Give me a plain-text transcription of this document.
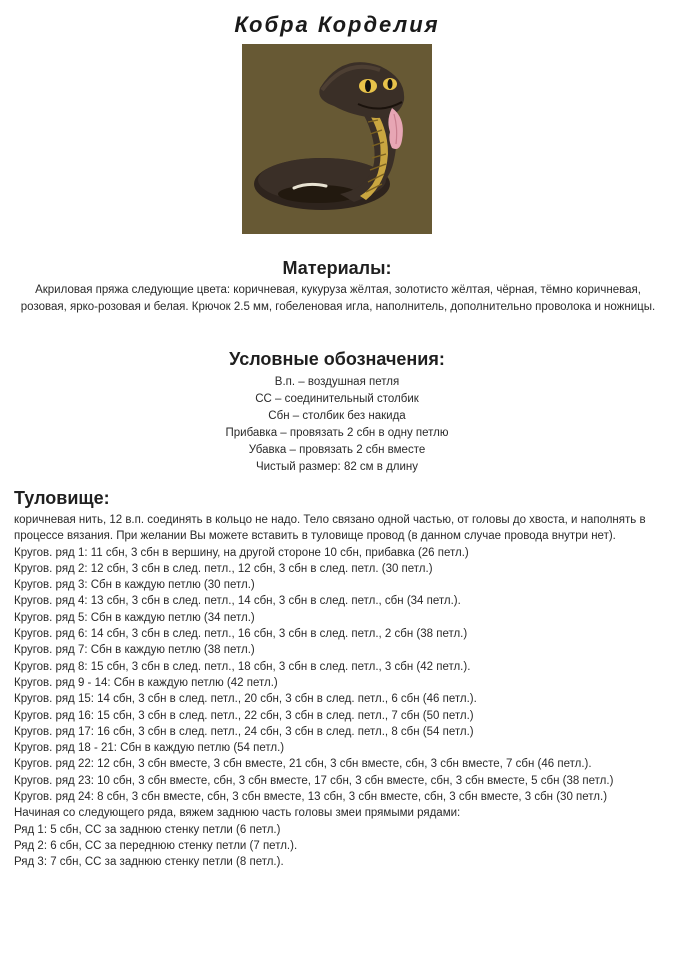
Кобра Корделия
Материалы:
Акриловая пряжа следующие цвета: коричневая, кукуруза жёлтая, золотисто жёлтая, чёрная, тёмно коричневая, розовая, ярко-розовая и белая. Крючок 2.5 мм, гобеленовая игла, наполнитель, дополнительно проволока и ножницы.
Условные обозначения:
В.п. – воздушная петля
СС – соединительный столбик
Сбн – столбик без накида
Прибавка – провязать 2 сбн в одну петлю
Убавка – провязать 2 сбн вместе
Чистый размер: 82 см в длину
Туловище:
коричневая нить, 12 в.п. соединять в кольцо не надо. Тело связано одной частью, от головы до хвоста, и наполнять в процессе вязания. При желании Вы можете вставить в туловище провод (в данном случае провода внутри нет).
Кругов. ряд 1: 11 сбн, 3 сбн в вершину, на другой стороне 10 сбн, прибавка (26 петл.)
Кругов. ряд 2: 12 сбн, 3 сбн в след. петл., 12 сбн, 3 сбн в след. петл. (30 петл.)
Кругов. ряд 3: Сбн в каждую петлю (30 петл.)
Кругов. ряд 4: 13 сбн, 3 сбн в след. петл., 14 сбн, 3 сбн в след. петл., сбн (34 петл.).
Кругов. ряд 5: Сбн в каждую петлю (34 петл.)
Кругов. ряд 6: 14 сбн, 3 сбн в след. петл., 16 сбн, 3 сбн в след. петл., 2 сбн (38 петл.)
Кругов. ряд 7: Сбн в каждую петлю (38 петл.)
Кругов. ряд 8: 15 сбн, 3 сбн в след. петл., 18 сбн, 3 сбн в след. петл., 3 сбн (42 петл.).
Кругов. ряд 9 - 14: Сбн в каждую петлю (42 петл.)
Кругов. ряд 15: 14 сбн, 3 сбн в след. петл., 20 сбн, 3 сбн в след. петл., 6 сбн (46 петл.).
Кругов. ряд 16: 15 сбн, 3 сбн в след. петл., 22 сбн, 3 сбн в след. петл., 7 сбн (50 петл.)
Кругов. ряд 17: 16 сбн, 3 сбн в след. петл., 24 сбн, 3 сбн в след. петл., 8 сбн (54 петл.)
Кругов. ряд 18 - 21: Сбн в каждую петлю (54 петл.)
Кругов. ряд 22: 12 сбн, 3 сбн вместе, 3 сбн вместе, 21 сбн, 3 сбн вместе, сбн, 3 сбн вместе, 7 сбн (46 петл.).
Кругов. ряд 23: 10 сбн, 3 сбн вместе, сбн, 3 сбн вместе, 17 сбн, 3 сбн вместе, сбн, 3 сбн вместе, 5 сбн (38 петл.)
Кругов. ряд 24: 8 сбн, 3 сбн вместе, сбн, 3 сбн вместе, 13 сбн, 3 сбн вместе, сбн, 3 сбн вместе, 3 сбн (30 петл.)
Начиная со следующего ряда, вяжем заднюю часть головы змеи прямыми рядами:
Ряд 1: 5 сбн, СС за заднюю стенку петли (6 петл.)
Ряд 2: 6 сбн, СС за переднюю стенку петли (7 петл.).
Ряд 3: 7 сбн, СС за заднюю стенку петли (8 петл.).
